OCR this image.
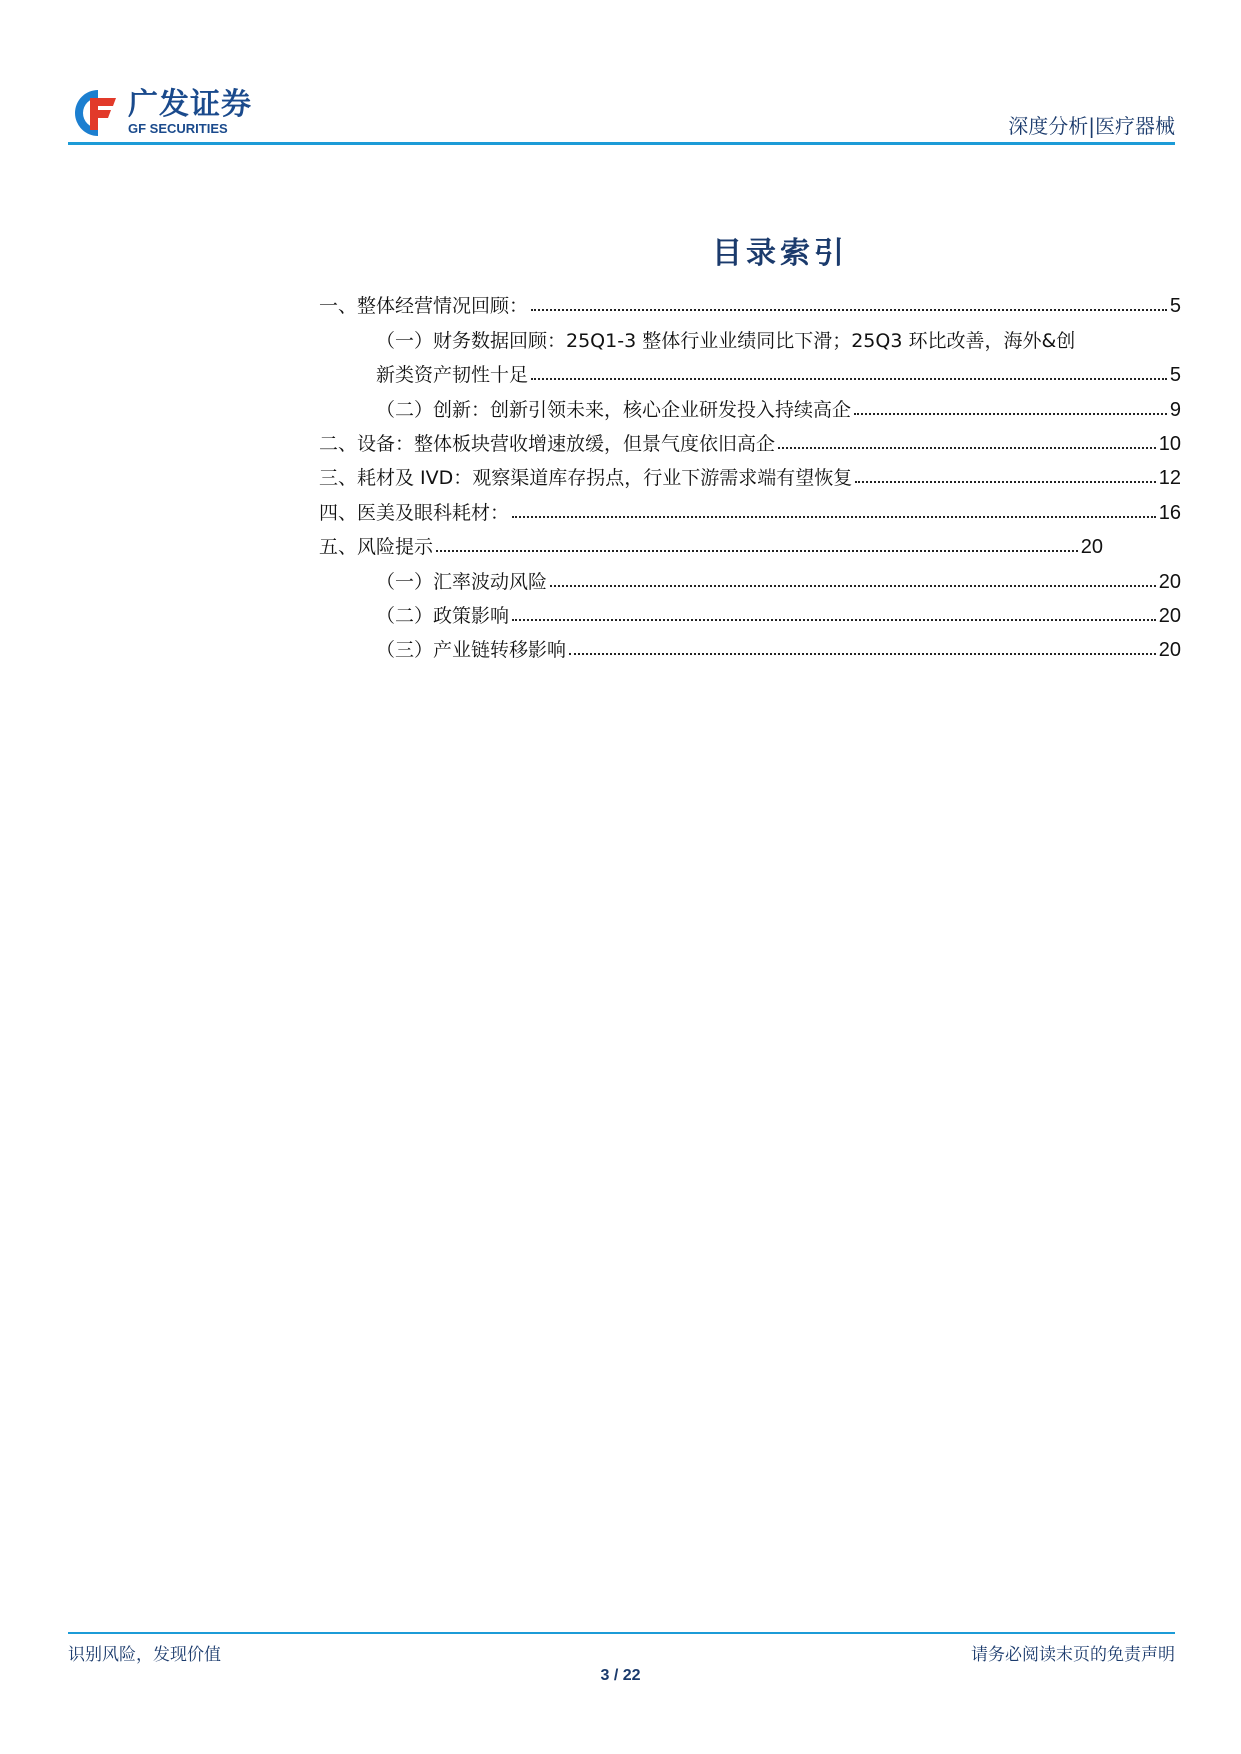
广发证券
GF SECURITIES	深度分析|医疗器械
目录索引
一、整体经营情况回顾：	5
（一）财务数据回顾：25Q1-3 整体行业业绩同比下滑；25Q3 环比改善，海外&创
新类资产韧性十足	5
（二）创新：创新引领未来，核心企业研发投入持续高企	9
二、设备：整体板块营收增速放缓，但景气度依旧高企	10
三、耗材及 IVD：观察渠道库存拐点，行业下游需求端有望恢复	12
四、医美及眼科耗材：	16
五、风险提示	20
（一）汇率波动风险	20
（二）政策影响	20
（三）产业链转移影响	20
识别风险，发现价值	请务必阅读末页的免责声明
3 / 22
